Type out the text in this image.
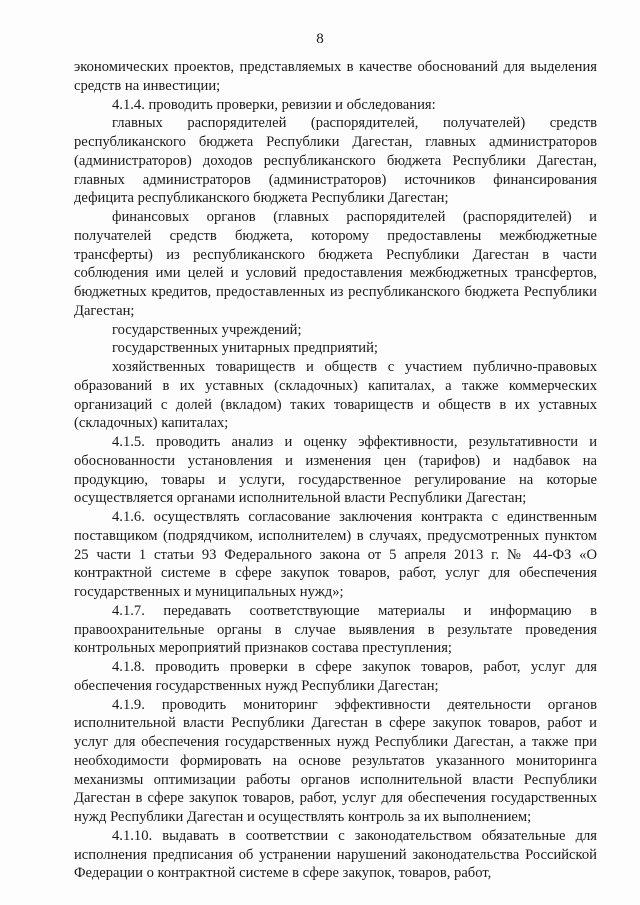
8

экономических проектов, представляемых в качестве обоснований для выделения средств на инвестиции;

4.1.4. проводить проверки, ревизии и обследования:

главных распорядителей (распорядителей, получателей) средств республиканского бюджета Республики Дагестан, главных администраторов (администраторов) доходов республиканского бюджета Республики Дагестан, главных администраторов (администраторов) источников финансирования дефицита республиканского бюджета Республики Дагестан;

финансовых органов (главных распорядителей (распорядителей) и получателей средств бюджета, которому предоставлены межбюджетные трансферты) из республиканского бюджета Республики Дагестан в части соблюдения ими целей и условий предоставления межбюджетных трансфертов, бюджетных кредитов, предоставленных из республиканского бюджета Республики Дагестан;

государственных учреждений;

государственных унитарных предприятий;

хозяйственных товариществ и обществ с участием публично-правовых образований в их уставных (складочных) капиталах, а также коммерческих организаций с долей (вкладом) таких товариществ и обществ в их уставных (складочных) капиталах;

4.1.5. проводить анализ и оценку эффективности, результативности и обоснованности установления и изменения цен (тарифов) и надбавок на продукцию, товары и услуги, государственное регулирование на которые осуществляется органами исполнительной власти Республики Дагестан;

4.1.6. осуществлять согласование заключения контракта с единственным поставщиком (подрядчиком, исполнителем) в случаях, предусмотренных пунктом 25 части 1 статьи 93 Федерального закона от 5 апреля 2013 г. № 44-ФЗ «О контрактной системе в сфере закупок товаров, работ, услуг для обеспечения государственных и муниципальных нужд»;

4.1.7. передавать соответствующие материалы и информацию в правоохранительные органы в случае выявления в результате проведения контрольных мероприятий признаков состава преступления;

4.1.8. проводить проверки в сфере закупок товаров, работ, услуг для обеспечения государственных нужд Республики Дагестан;

4.1.9. проводить мониторинг эффективности деятельности органов исполнительной власти Республики Дагестан в сфере закупок товаров, работ и услуг для обеспечения государственных нужд Республики Дагестан, а также при необходимости формировать на основе результатов указанного мониторинга механизмы оптимизации работы органов исполнительной власти Республики Дагестан в сфере закупок товаров, работ, услуг для обеспечения государственных нужд Республики Дагестан и осуществлять контроль за их выполнением;

4.1.10. выдавать в соответствии с законодательством обязательные для исполнения предписания об устранении нарушений законодательства Российской Федерации о контрактной системе в сфере закупок, товаров, работ,
